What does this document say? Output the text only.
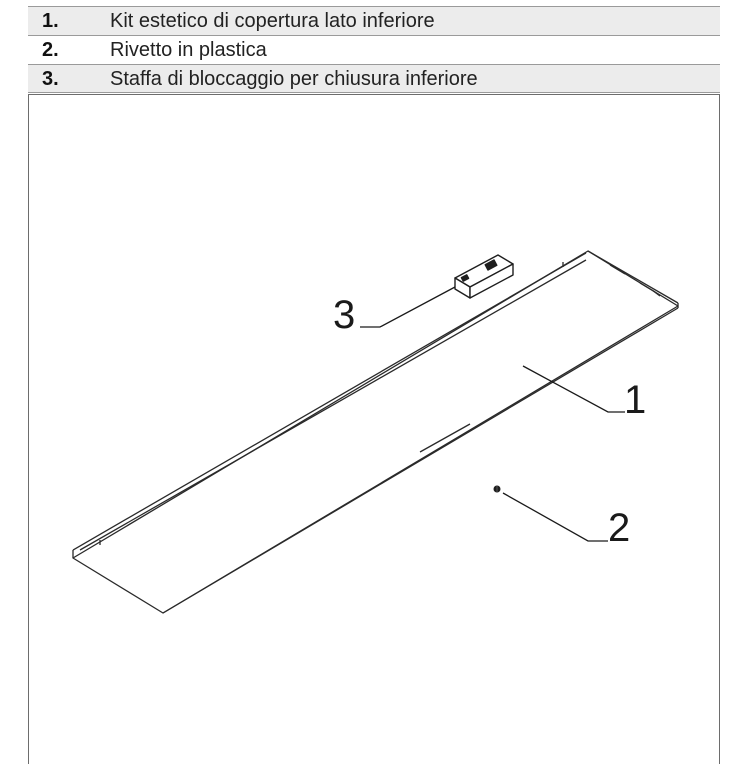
1.	Kit estetico di copertura lato inferiore
2.	Rivetto in plastica
3.	Staffa di bloccaggio per chiusura inferiore
3
1
2
